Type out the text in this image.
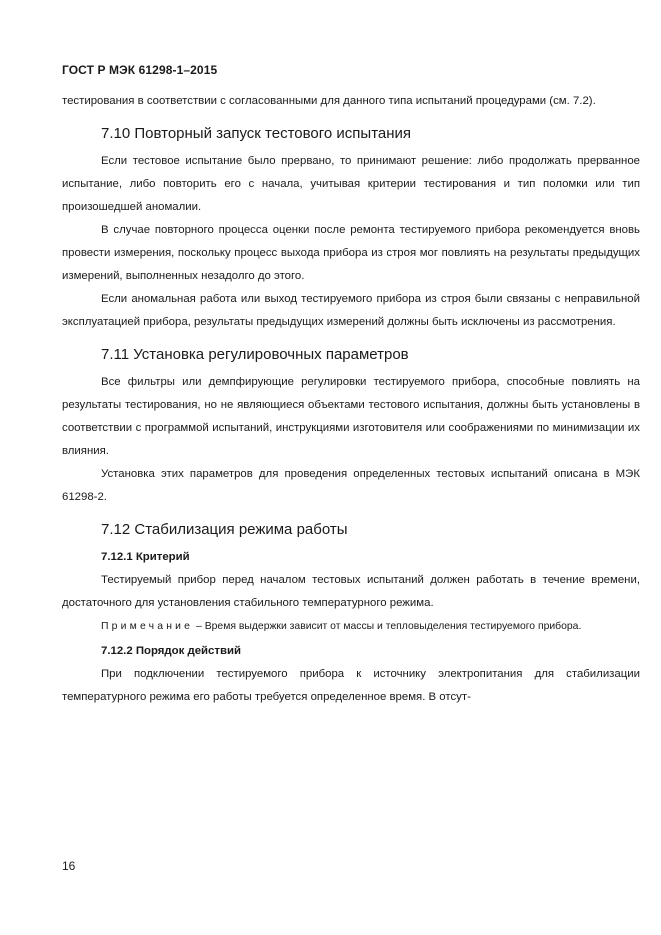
ГОСТ Р МЭК 61298-1–2015

тестирования в соответствии с согласованными для данного типа испытаний процедурами (см. 7.2).

7.10 Повторный запуск тестового испытания

Если тестовое испытание было прервано, то принимают решение: либо продолжать прерванное испытание, либо повторить его с начала, учитывая критерии тестирования и тип поломки или тип произошедшей аномалии.

В случае повторного процесса оценки после ремонта тестируемого прибора рекомендуется вновь провести измерения, поскольку процесс выхода прибора из строя мог повлиять на результаты предыдущих измерений, выполненных незадолго до этого.

Если аномальная работа или выход тестируемого прибора из строя были связаны с неправильной эксплуатацией прибора, результаты предыдущих измерений должны быть исключены из рассмотрения.

7.11 Установка регулировочных параметров

Все фильтры или демпфирующие регулировки тестируемого прибора, способные повлиять на результаты тестирования, но не являющиеся объектами тестового испытания, должны быть установлены в соответствии с программой испытаний, инструкциями изготовителя или соображениями по минимизации их влияния.

Установка этих параметров для проведения определенных тестовых испытаний описана в МЭК 61298-2.

7.12 Стабилизация режима работы
7.12.1 Критерий

Тестируемый прибор перед началом тестовых испытаний должен работать в течение времени, достаточного для установления стабильного температурного режима.

Примечание – Время выдержки зависит от массы и тепловыделения тестируемого прибора.

7.12.2 Порядок действий

При подключении тестируемого прибора к источнику электропитания для стабилизации температурного режима его работы требуется определенное время. В отсут-

16
